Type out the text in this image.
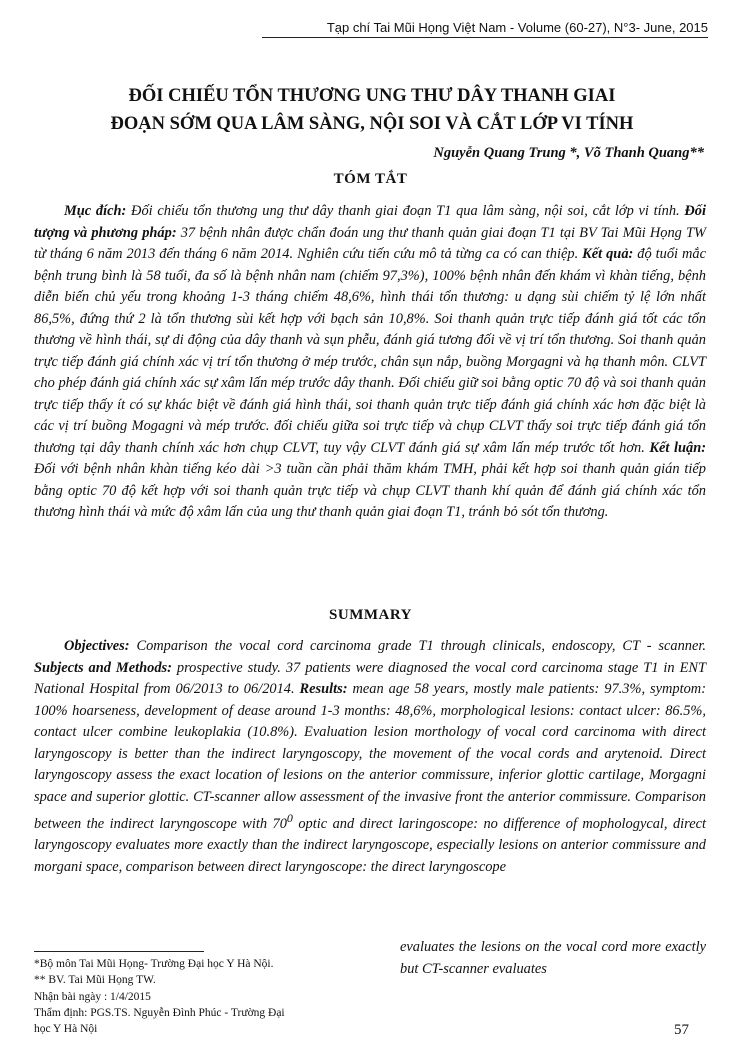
Tạp chí Tai Mũi Họng Việt Nam - Volume (60-27), N°3- June, 2015
ĐỐI CHIẾU TỔN THƯƠNG UNG THƯ DÂY THANH GIAI
ĐOẠN SỚM QUA LÂM SÀNG, NỘI SOI VÀ CẮT LỚP VI TÍNH
Nguyễn Quang Trung *, Võ Thanh Quang**
TÓM TẮT

Mục đích: Đối chiếu tổn thương ung thư dây thanh giai đoạn T1 qua lâm sàng, nội soi, cắt lớp vi tính. Đối tượng và phương pháp: 37 bệnh nhân được chẩn đoán ung thư thanh quản giai đoạn T1 tại BV Tai Mũi Họng TW từ tháng 6 năm 2013 đến tháng 6 năm 2014. Nghiên cứu tiến cứu mô tả từng ca có can thiệp. Kết quả: độ tuổi mắc bệnh trung bình là 58 tuổi, đa số là bệnh nhân nam (chiếm 97,3%), 100% bệnh nhân đến khám vì khàn tiếng, bệnh diễn biến chủ yếu trong khoảng 1-3 tháng chiếm 48,6%, hình thái tổn thương: u dạng sùi chiếm tỷ lệ lớn nhất 86,5%, đứng thứ 2 là tổn thương sùi kết hợp với bạch sản 10,8%. Soi thanh quản trực tiếp đánh giá tốt các tổn thương về hình thái, sự di động của dây thanh và sụn phễu, đánh giá tương đối về vị trí tổn thương. Soi thanh quản trực tiếp đánh giá chính xác vị trí tổn thương ở mép trước, chân sụn nắp, buồng Morgagni và hạ thanh môn. CLVT cho phép đánh giá chính xác sự xâm lấn mép trước dây thanh. Đối chiếu giữ soi bằng optic 70 độ và soi thanh quản trực tiếp thấy ít có sự khác biệt về đánh giá hình thái, soi thanh quản trực tiếp đánh giá chính xác hơn đặc biệt là các vị trí buồng Mogagni và mép trước. đối chiếu giữa soi trực tiếp và chụp CLVT thấy soi trực tiếp đánh giá tổn thương tại dây thanh chính xác hơn chụp CLVT, tuy vậy CLVT đánh giá sự xâm lấn mép trước tốt hơn. Kết luận: Đối với bệnh nhân khàn tiếng kéo dài >3 tuần cần phải thăm khám TMH, phải kết hợp soi thanh quản gián tiếp bằng optic 70 độ kết hợp với soi thanh quản trực tiếp và chụp CLVT thanh khí quản để đánh giá chính xác tổn thương hình thái và mức độ xâm lấn của ung thư thanh quản giai đoạn T1, tránh bỏ sót tổn thương.

SUMMARY

Objectives: Comparison the vocal cord carcinoma grade T1 through clinicals, endoscopy, CT - scanner. Subjects and Methods: prospective study. 37 patients were diagnosed the vocal cord carcinoma stage T1 in ENT National Hospital from 06/2013 to 06/2014. Results: mean age 58 years, mostly male patients: 97.3%, symptom: 100% hoarseness, development of dease around 1-3 months: 48,6%, morphological lesions: contact ulcer: 86.5%, contact ulcer combine leukoplakia (10.8%). Evaluation lesion morthology of vocal cord carcinoma with direct laryngoscopy is better than the indirect laryngoscopy, the movement of the vocal cords and arytenoid. Direct laryngoscopy assess the exact location of lesions on the anterior commissure, inferior glottic cartilage, Morgagni space and superior glottic. CT-scanner allow assessment of the invasive front the anterior commissure. Comparison between the indirect laryngoscope with $70^0$ optic and direct laringoscope: no difference of mophologycal, direct laryngoscopy evaluates more exactly than the indirect laryngoscope, especially lesions on anterior commissure and morgani space, comparison between direct laryngoscope: the direct laryngoscope

evaluates the lesions on the vocal cord more exactly but CT-scanner evaluates

*Bộ môn Tai Mũi Họng- Trường Đại học Y Hà Nội.
** BV. Tai Mũi Họng TW.
Nhận bài ngày : 1/4/2015
Thẩm định: PGS.TS. Nguyễn Đình Phúc - Trường Đại
học Y Hà Nội	57
